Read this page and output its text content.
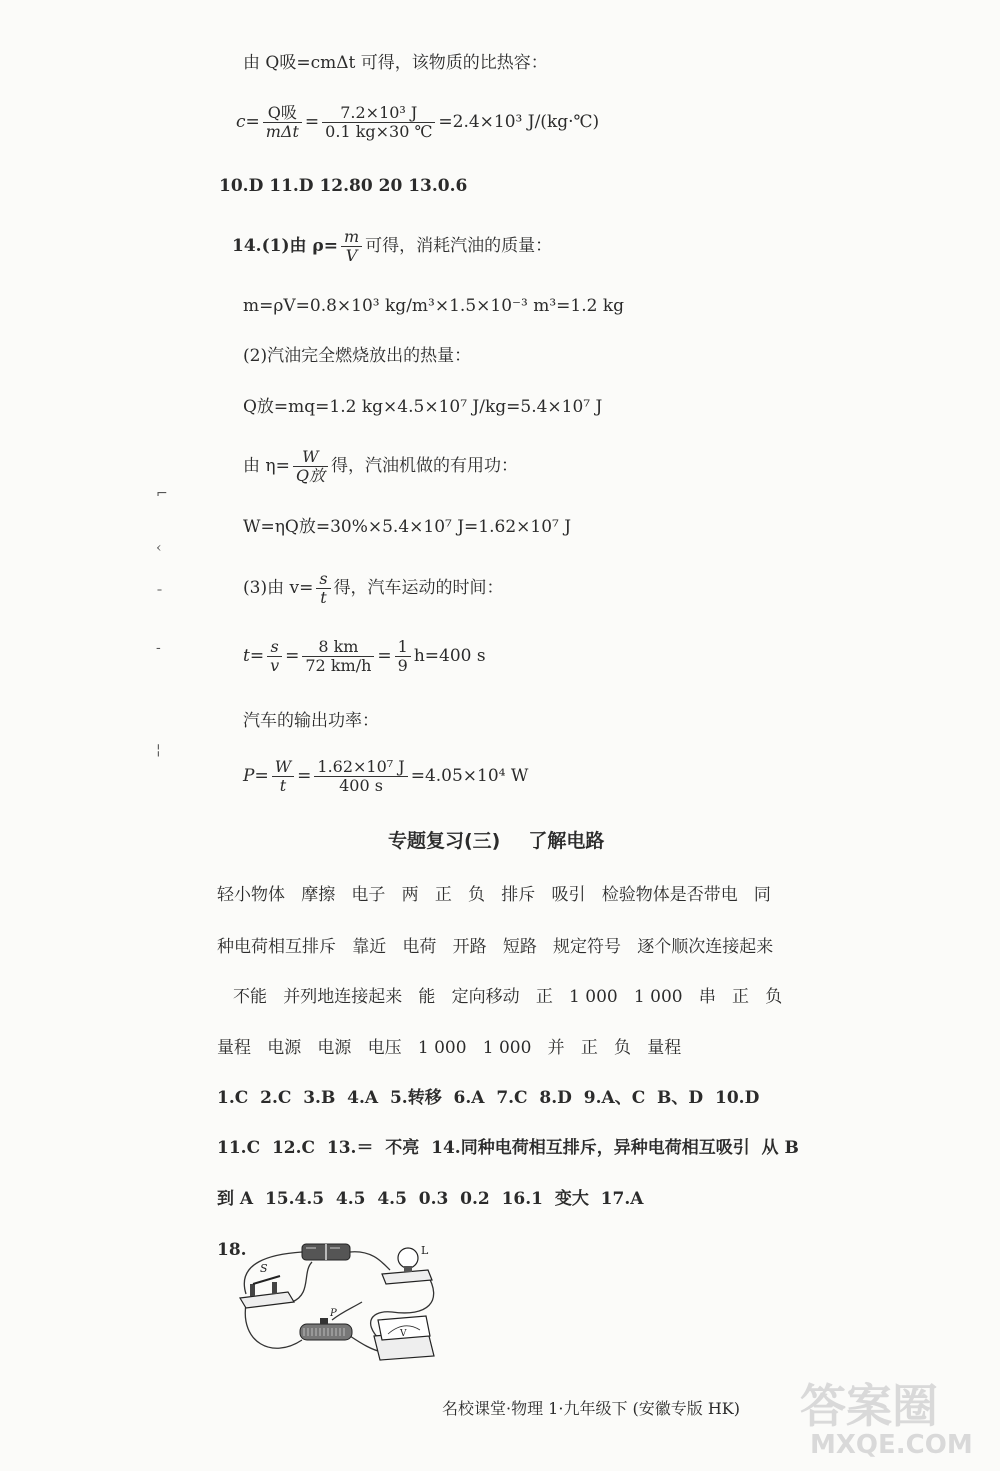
⌐
‹
ˉ
-
¦
由 Q吸=cmΔt 可得，该物质的比热容：
$c= \frac{\text{Q吸}}{\text{mΔt}} = \frac{\text{7.2×10³ J}}{0.1 kg\times 30 ℃} =2.4\times 10^3$ J/(kg·℃)
10.D 11.D 12.80 20 13.0.6
14.(1)由 $\rho= \frac{m}{V}$ 可得，消耗汽油的质量：
m=ρV=0.8×10³ kg/m³×1.5×10⁻³ m³=1.2 kg
(2)汽油完全燃烧放出的热量：
Q放=mq=1.2 kg×4.5×10⁷ J/kg=5.4×10⁷ J
由 $\eta= \frac{W}{\text{Q放}}$ 得，汽油机做的有用功：
W=ηQ放=30%×5.4×10⁷ J=1.62×10⁷ J
(3)由 $v= \frac{s}{t}$ 得，汽车运动的时间：
$t= \frac{s}{v} = \frac{8 km}{72 km/h} = \frac{1}{9} h=400$ s
汽车的输出功率：
$P= \frac{W}{t} = \frac{\text{1.62×10⁷ J}}{400 s} =4.05\times 10^4$ W
专题复习(三) 了解电路
轻小物体   摩擦   电子   两   正   负   排斥   吸引   检验物体是否带电   同
种电荷相互排斥   靠近   电荷   开路   短路   规定符号   逐个顺次连接起来
不能   并列地连接起来   能   定向移动   正   1 000   1 000   串   正   负
量程   电源   电源   电压   1 000   1 000   并   正   负   量程
1.C  2.C  3.B  4.A  5.转移  6.A  7.C  8.D  9.A、C  B、D  10.D
11.C  12.C  13.＝  不亮  14.同种电荷相互排斥，异种电荷相互吸引  从 B
到 A  15.4.5  4.5  4.5  0.3  0.2  16.1  变大  17.A
18.
S
L
P
V
名校课堂·物理 1·九年级下 (安徽专版 HK) 答案圈
MXQE.COM
